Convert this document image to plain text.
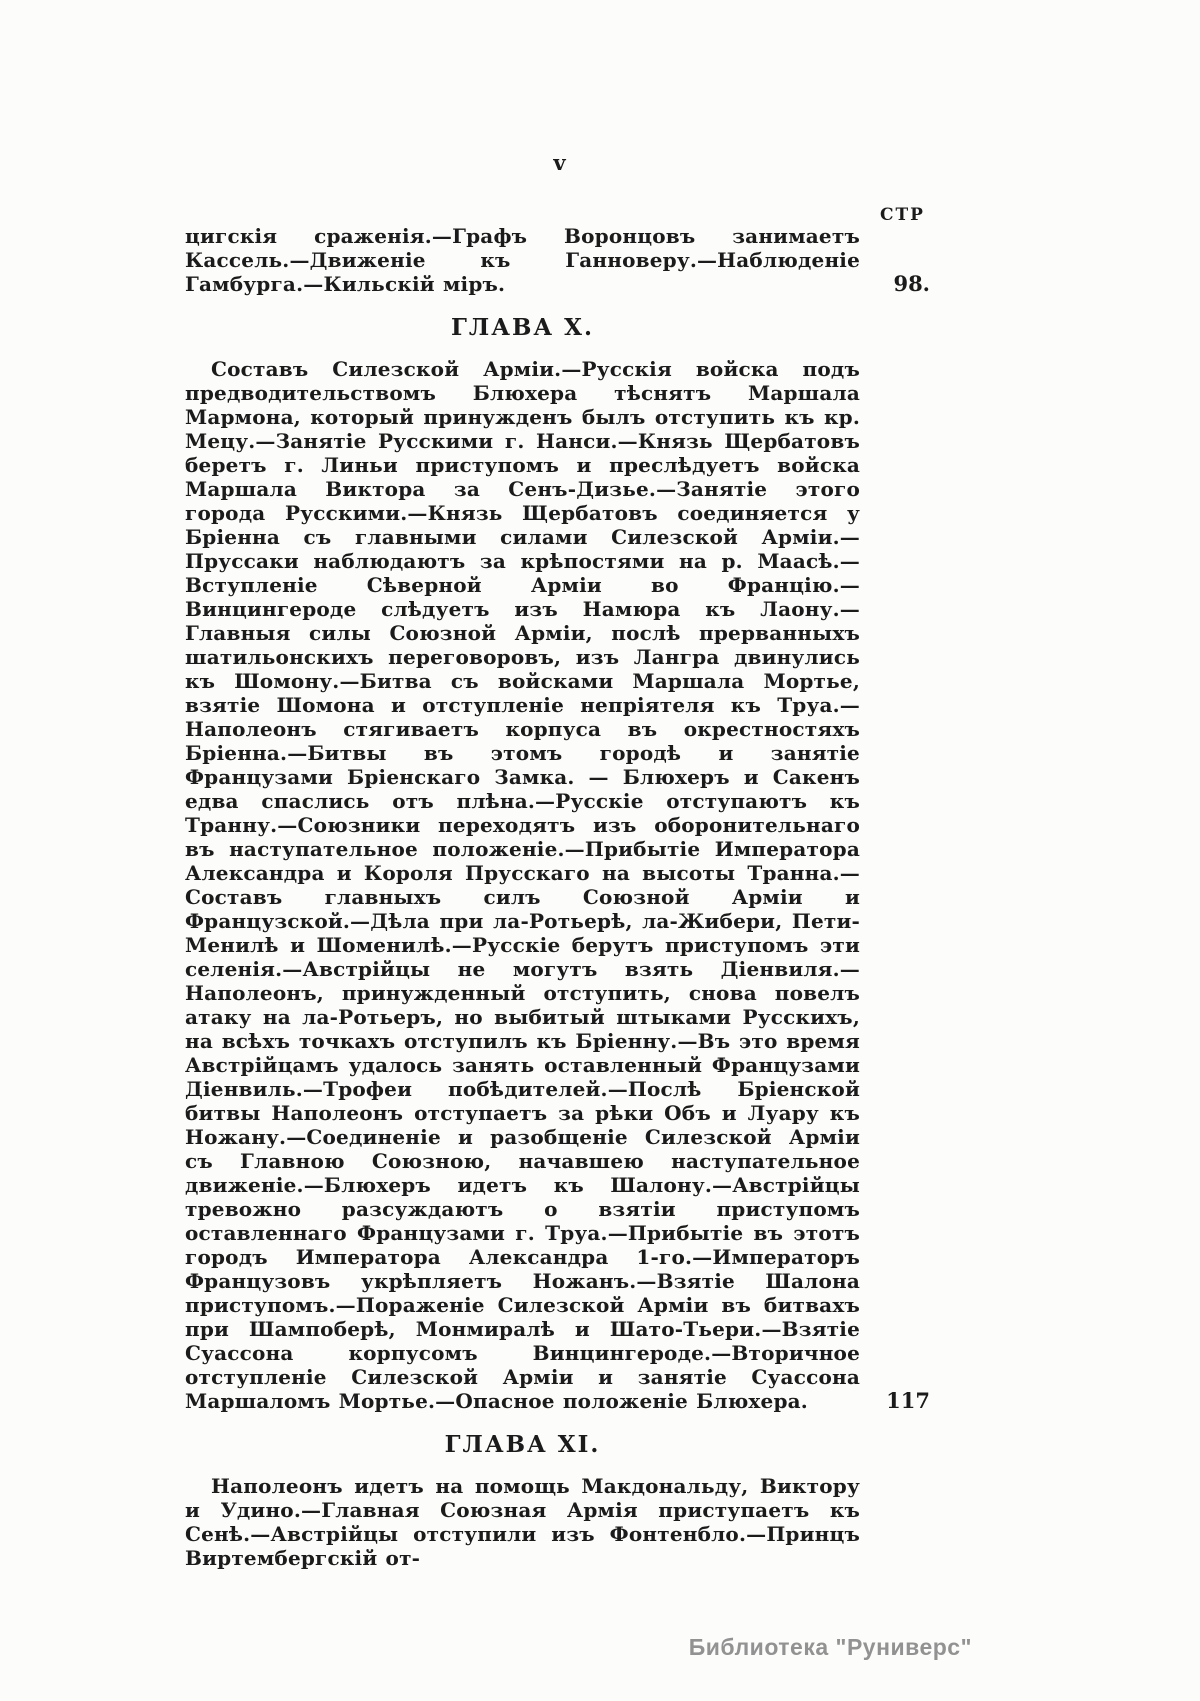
v
СТР

цигскія сраженія.—Графъ Воронцовъ занимаетъ Кассель.—Движеніе къ Ганноверу.—Наблюденіе Гамбурга.—Кильскій міръ.	98.
ГЛАВА X.

Составъ Силезской Арміи.—Русскія войска подъ предводительствомъ Блюхера тѣснятъ Маршала Мармона, который принужденъ былъ отступить къ кр. Мецу.—Занятіе Русскими г. Нанси.—Князь Щербатовъ беретъ г. Линьи приступомъ и преслѣдуетъ войска Маршала Виктора за Сенъ-Дизье.—Занятіе этого города Русскими.—Князь Щербатовъ соединяется у Бріенна съ главными силами Силезской Арміи.—Пруссаки наблюдаютъ за крѣпостями на р. Маасѣ.—Вступленіе Сѣверной Арміи во Францію.—Винцингероде слѣдуетъ изъ Намюра къ Лаону.—Главныя силы Союзной Арміи, послѣ прерванныхъ шатильонскихъ переговоровъ, изъ Лангра двинулись къ Шомону.—Битва съ войсками Маршала Мортье, взятіе Шомона и отступленіе непріятеля къ Труа.—Наполеонъ стягиваетъ корпуса въ окрестностяхъ Бріенна.—Битвы въ этомъ городѣ и занятіе Французами Бріенскаго Замка. — Блюхеръ и Сакенъ едва спаслись отъ плѣна.—Русскіе отступаютъ къ Транну.—Союзники переходятъ изъ оборонительнаго въ наступательное положеніе.—Прибытіе Императора Александра и Короля Прусскаго на высоты Транна.—Составъ главныхъ силъ Союзной Арміи и Французской.—Дѣла при ла-Ротьерѣ, ла-Жибери, Пети-Менилѣ и Шоменилѣ.—Русскіе берутъ приступомъ эти селенія.—Австрійцы не могутъ взять Діенвиля.—Наполеонъ, принужденный отступить, снова повелъ атаку на ла-Ротьеръ, но выбитый штыками Русскихъ, на всѣхъ точкахъ отступилъ къ Бріенну.—Въ это время Австрійцамъ удалось занять оставленный Французами Діенвиль.—Трофеи побѣдителей.—Послѣ Бріенской битвы Наполеонъ отступаетъ за рѣки Объ и Луару къ Ножану.—Соединеніе и разобщеніе Силезской Арміи съ Главною Союзною, начавшею наступательное движеніе.—Блюхеръ идетъ къ Шалону.—Австрійцы тревожно разсуждаютъ о взятіи приступомъ оставленнаго Французами г. Труа.—Прибытіе въ этотъ городъ Императора Александра 1-го.—Императоръ Французовъ укрѣпляетъ Ножанъ.—Взятіе Шалона приступомъ.—Пораженіе Силезской Арміи въ битвахъ при Шампоберѣ, Монмиралѣ и Шато-Тьери.—Взятіе Суассона корпусомъ Винцингероде.—Вторичное отступленіе Силезской Арміи и занятіе Суассона Маршаломъ Мортье.—Опасное положеніе Блюхера.	117
ГЛАВА XI.

Наполеонъ идетъ на помощь Макдональду, Виктору и Удино.—Главная Союзная Армія приступаетъ къ Сенѣ.—Австрійцы отступили изъ Фонтенбло.—Принцъ Виртембергскій от-

Библиотека "Руниверс"
